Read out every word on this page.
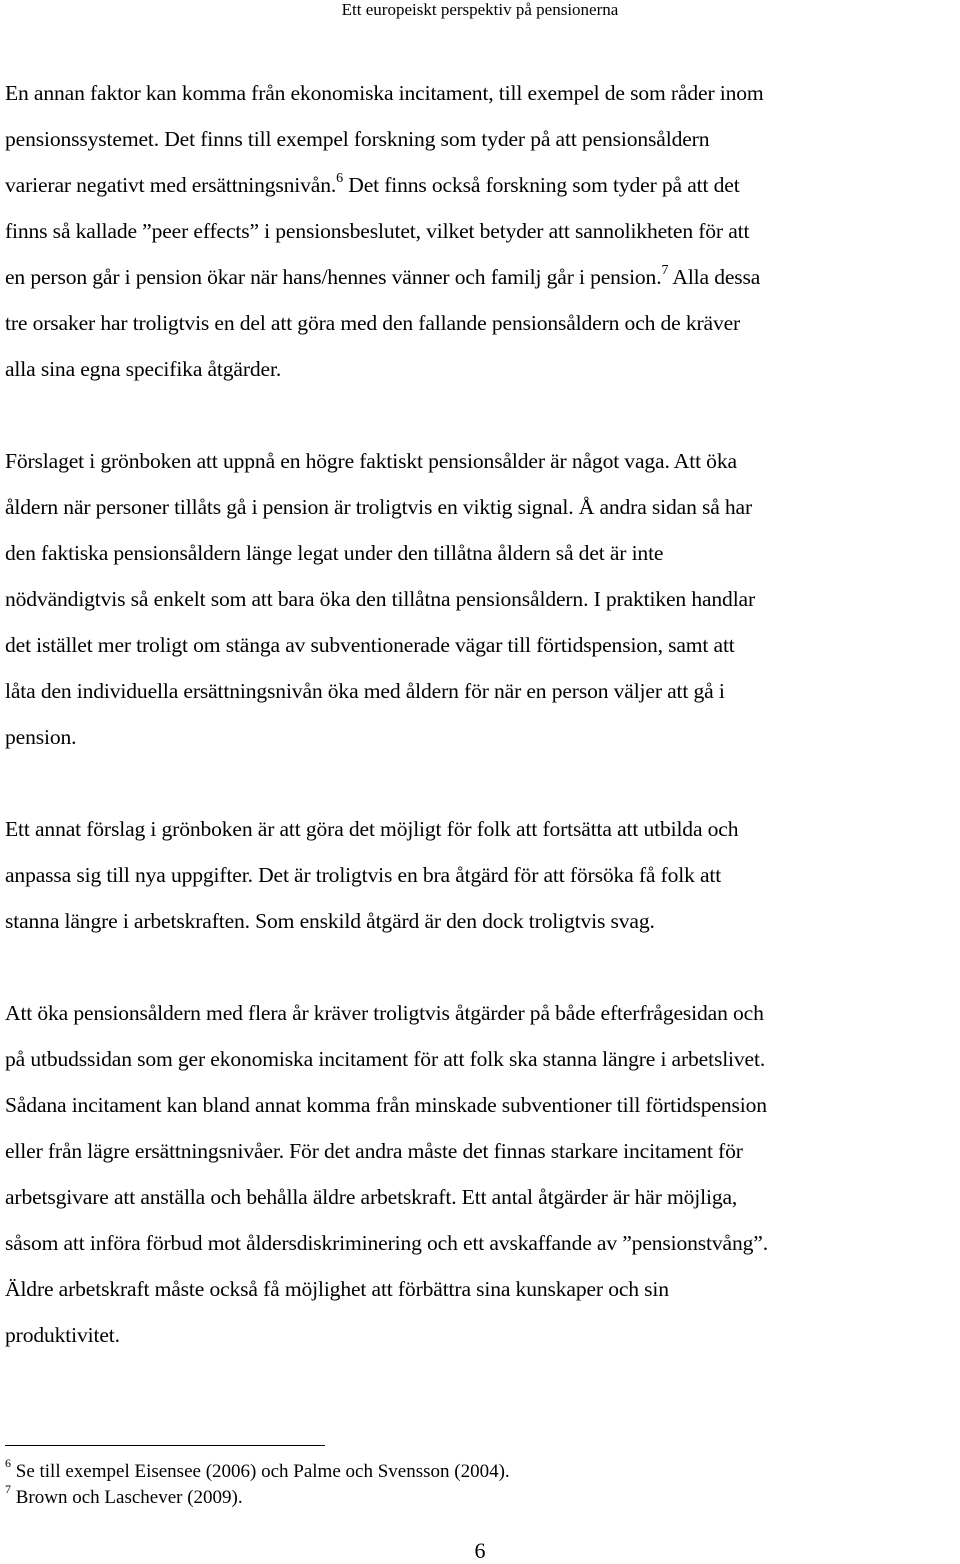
Ett europeiskt perspektiv på pensionerna

En annan faktor kan komma från ekonomiska incitament, till exempel de som råder inom
pensionssystemet. Det finns till exempel forskning som tyder på att pensionsåldern
varierar negativt med ersättningsnivån.$^6$ Det finns också forskning som tyder på att det
finns så kallade ”peer effects” i pensionsbeslutet, vilket betyder att sannolikheten för att
en person går i pension ökar när hans/hennes vänner och familj går i pension.$^7$ Alla dessa
tre orsaker har troligtvis en del att göra med den fallande pensionsåldern och de kräver
alla sina egna specifika åtgärder.

Förslaget i grönboken att uppnå en högre faktiskt pensionsålder är något vaga. Att öka
åldern när personer tillåts gå i pension är troligtvis en viktig signal. Å andra sidan så har
den faktiska pensionsåldern länge legat under den tillåtna åldern så det är inte
nödvändigtvis så enkelt som att bara öka den tillåtna pensionsåldern. I praktiken handlar
det istället mer troligt om stänga av subventionerade vägar till förtidspension, samt att
låta den individuella ersättningsnivån öka med åldern för när en person väljer att gå i
pension.

Ett annat förslag i grönboken är att göra det möjligt för folk att fortsätta att utbilda och
anpassa sig till nya uppgifter. Det är troligtvis en bra åtgärd för att försöka få folk att
stanna längre i arbetskraften. Som enskild åtgärd är den dock troligtvis svag.

Att öka pensionsåldern med flera år kräver troligtvis åtgärder på både efterfrågesidan och
på utbudssidan som ger ekonomiska incitament för att folk ska stanna längre i arbetslivet.
Sådana incitament kan bland annat komma från minskade subventioner till förtidspension
eller från lägre ersättningsnivåer. För det andra måste det finnas starkare incitament för
arbetsgivare att anställa och behålla äldre arbetskraft. Ett antal åtgärder är här möjliga,
såsom att införa förbud mot åldersdiskriminering och ett avskaffande av ”pensionstvång”.
Äldre arbetskraft måste också få möjlighet att förbättra sina kunskaper och sin
produktivitet.

$^6$ Se till exempel Eisensee (2006) och Palme och Svensson (2004).
$^7$ Brown och Laschever (2009).
6
